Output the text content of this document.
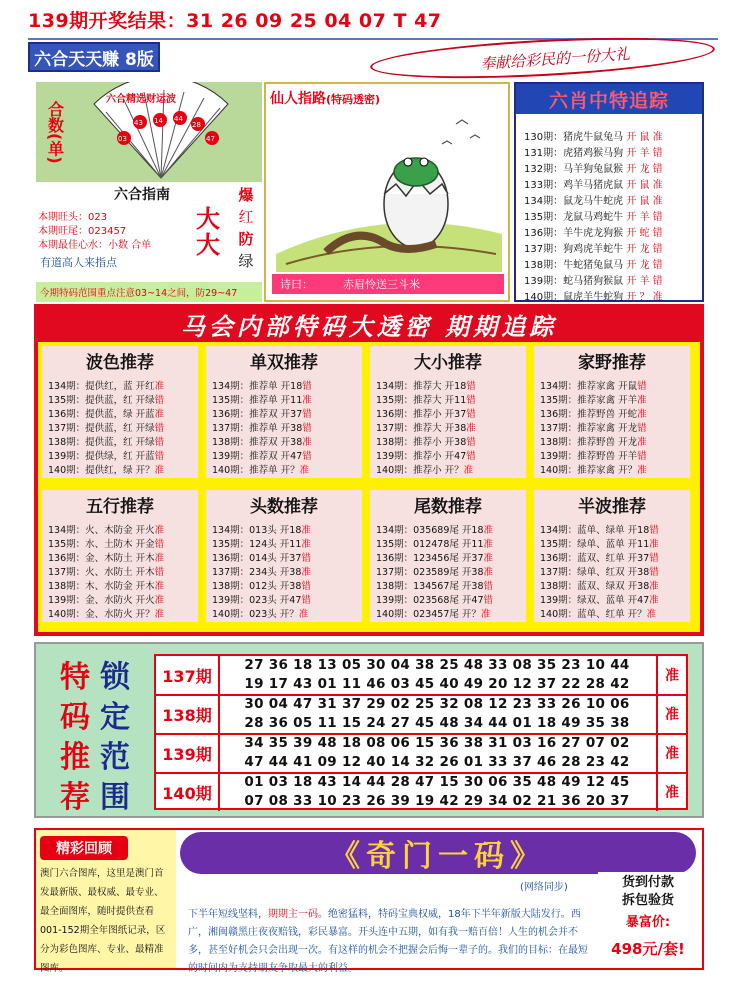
139期开奖结果：31 26 09 25 04 07 T 47
六合天天赚 8版	奉献给彩民的一份大礼
03
43 14 44
28
47
六合精选财运波
合数(单)
六合指南
本期旺头：023
本期旺尾：023457
本期最佳心水：小数 合单
有道高人来指点
大大
爆
红
防
绿
今期特码范围重点注意03~14之间，防29~47
仙人指路(特码透密)
诗曰：	赤眉怜送三斗米
六肖中特追踪
130期：猪虎牛鼠兔马 开 鼠 准
131期：虎猪鸡猴马狗 开 羊 错
132期：马羊狗兔鼠猴 开 龙 错
133期：鸡羊马猪虎鼠 开 鼠 准
134期：鼠龙马牛蛇虎 开 鼠 准
135期：龙鼠马鸡蛇牛 开 羊 错
136期：羊牛虎龙狗猴 开 蛇 错
137期：狗鸡虎羊蛇牛 开 龙 错
138期：牛蛇猪兔鼠马 开 龙 错
139期：蛇马猪狗猴鼠 开 羊 错
140期：鼠虎羊牛蛇狗 开 ？ 准
马会内部特码大透密 期期追踪
波色推荐
134期：提供红，蓝 开红准
135期：提供蓝，红 开绿错
136期：提供蓝，绿 开蓝准
137期：提供蓝，红 开绿错
138期：提供蓝，红 开绿错
139期：提供绿，红 开蓝错
140期：提供红，绿 开？准
单双推荐
134期：推荐单 开18错
135期：推荐单 开11准
136期：推荐双 开37错
137期：推荐单 开38错
138期：推荐双 开38准
139期：推荐双 开47错
140期：推荐单 开？准
大小推荐
134期：推荐大 开18错
135期：推荐大 开11错
136期：推荐小 开37错
137期：推荐大 开38准
138期：推荐小 开38错
139期：推荐小 开47错
140期：推荐小 开？准
家野推荐
134期：推荐家禽 开鼠错
135期：推荐家禽 开羊准
136期：推荐野兽 开蛇准
137期：推荐家禽 开龙错
138期：推荐野兽 开龙准
139期：推荐野兽 开羊错
140期：推荐家禽 开？准
五行推荐
134期：火、木防金 开火准
135期：水、土防木 开金错
136期：金、木防土 开木准
137期：火、水防土 开木错
138期：木、水防金 开木准
139期：金、水防火 开火准
140期：金、水防火 开？准
头数推荐
134期：013头 开18准
135期：124头 开11准
136期：014头 开37错
137期：234头 开38准
138期：012头 开38错
139期：023头 开47错
140期：023头 开？准
尾数推荐
134期：035689尾 开18准
135期：012478尾 开11准
136期：123456尾 开37准
137期：023589尾 开38准
138期：134567尾 开38错
139期：023568尾 开47错
140期：023457尾 开？准
半波推荐
134期：蓝单、绿单 开18错
135期：绿单、蓝单 开11准
136期：蓝双、红单 开37错
137期：绿单、红双 开38错
138期：蓝双、绿双 开38准
139期：绿双、蓝单 开47准
140期：蓝单、红单 开？准
特
码
推
荐
锁
定
范
围
137期
27 36 18 13 05 30 04 38 25 48 33 08 35 23 10 44
19 17 43 01 11 46 03 45 40 49 20 12 37 22 28 42	准
138期
30 04 47 31 37 29 02 25 32 08 12 23 33 26 10 06
28 36 05 11 15 24 27 45 48 34 44 01 18 49 35 38	准
139期
34 35 39 48 18 08 06 15 36 38 31 03 16 27 07 02
47 44 41 09 12 40 14 32 26 01 33 37 46 28 23 42	准
140期
01 03 18 43 14 44 28 47 15 30 06 35 48 49 12 45
07 08 33 10 23 26 39 19 42 29 34 02 21 36 20 37	准
精彩回顾
澳门六合图库，这里是澳门首发最新版、最权威、最专业、最全面图库，随时提供查看001-152期全年图纸记录，区分为彩色图库、专业、最精准图库。
《奇门一码》
(网络同步)
下半年短线坚料，期期主一码。绝密猛料，特码宝典权威，18年下半年新版大陆发行。西广，湘闽赣黑庄夜夜赔钱，彩民暴富。开头连中五期，如有我一赔百倍！人生的机会并不多，甚至好机会只会出现一次。有这样的机会不把握会后悔一辈子的。我们的目标：在最短的时间内为支持朋友争取最大的利益。
货到付款
拆包验货
暴富价:
498元/套!
